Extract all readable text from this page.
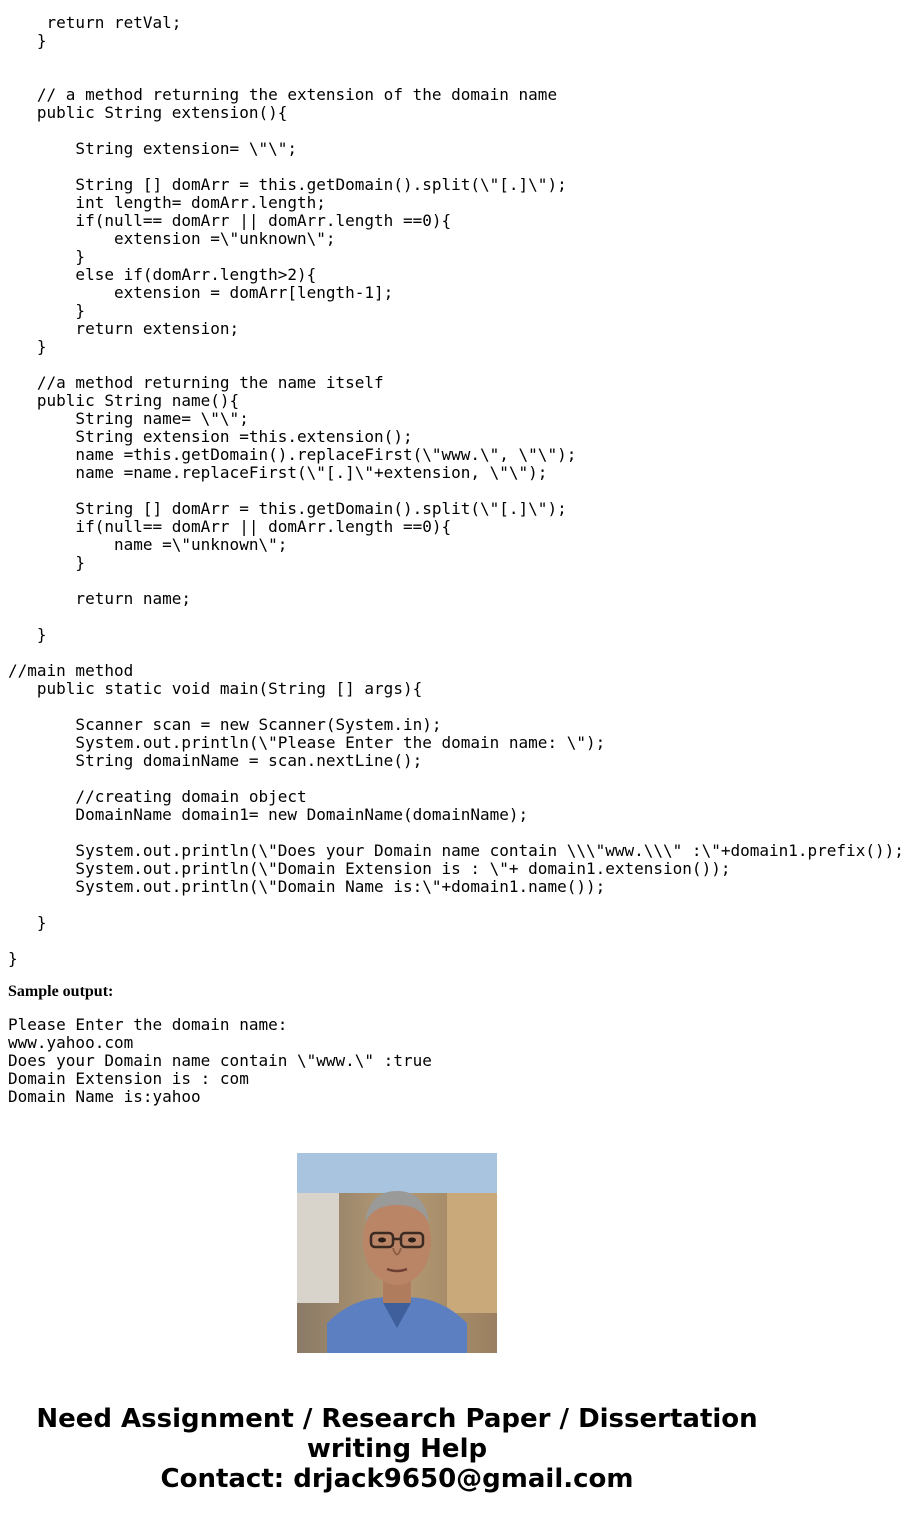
return retVal;
}
// a method returning the extension of the domain name
public String extension(){
String extension= \"\";
String [] domArr = this.getDomain().split(\"[.]\");
int length= domArr.length;
if(null== domArr || domArr.length ==0){
extension =\"unknown\";
}
else if(domArr.length>2){
extension = domArr[length-1];
}
return extension;
}
//a method returning the name itself
public String name(){
String name= \"\";
String extension =this.extension();
name =this.getDomain().replaceFirst(\"www.\", \"\");
name =name.replaceFirst(\"[.]\"+extension, \"\");
String [] domArr = this.getDomain().split(\"[.]\");
if(null== domArr || domArr.length ==0){
name =\"unknown\";
}
return name;
}
//main method
public static void main(String [] args){
Scanner scan = new Scanner(System.in);
System.out.println(\"Please Enter the domain name: \");
String domainName = scan.nextLine();
//creating domain object
DomainName domain1= new DomainName(domainName);
System.out.println(\"Does your Domain name contain \\\"www.\\\" :\"+domain1.prefix());
System.out.println(\"Domain Extension is : \"+ domain1.extension());
System.out.println(\"Domain Name is:\"+domain1.name());
}
}
Sample output:
Please Enter the domain name:
www.yahoo.com
Does your Domain name contain \"www.\" :true
Domain Extension is : com
Domain Name is:yahoo
Need Assignment / Research Paper / Dissertation
writing Help
Contact: drjack9650@gmail.com
